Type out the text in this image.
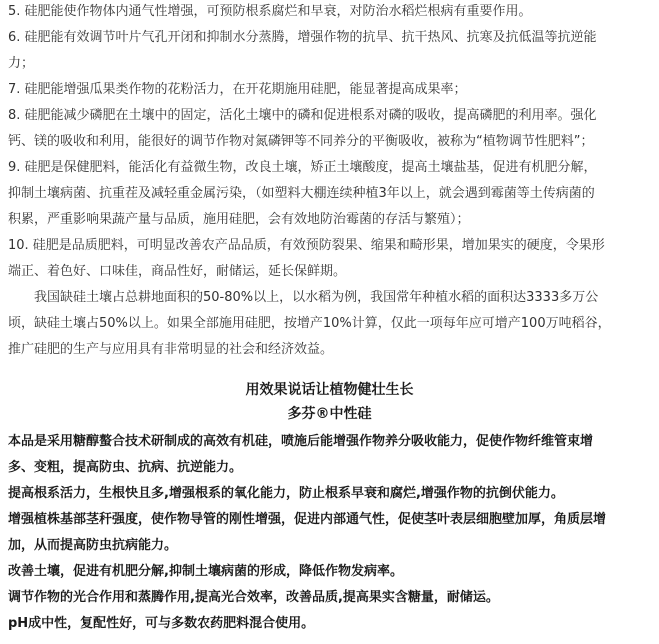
5. 硅肥能使作物体内通气性增强，可预防根系腐烂和早衰，对防治水稻烂根病有重要作用。
6. 硅肥能有效调节叶片气孔开闭和抑制水分蒸腾，增强作物的抗旱、抗干热风、抗寒及抗低温等抗逆能
力；
7. 硅肥能增强瓜果类作物的花粉活力，在开花期施用硅肥，能显著提高成果率；
8. 硅肥能减少磷肥在土壤中的固定，活化土壤中的磷和促进根系对磷的吸收，提高磷肥的利用率。强化
钙、镁的吸收和利用，能很好的调节作物对氮磷钾等不同养分的平衡吸收，被称为“植物调节性肥料”；
9. 硅肥是保健肥料，能活化有益微生物，改良土壤，矫正土壤酸度，提高土壤盐基，促进有机肥分解，
抑制土壤病菌、抗重茬及减轻重金属污染，（如塑料大棚连续种植3年以上，就会遇到霉菌等土传病菌的
积累，严重影响果蔬产量与品质，施用硅肥，会有效地防治霉菌的存活与繁殖）；
10. 硅肥是品质肥料，可明显改善农产品品质，有效预防裂果、缩果和畸形果，增加果实的硬度，令果形
端正、着色好、口味佳，商品性好，耐储运，延长保鲜期。
我国缺硅土壤占总耕地面积的50-80%以上，以水稻为例，我国常年种植水稻的面积达3333多万公
顷，缺硅土壤占50%以上。如果全部施用硅肥，按增产10%计算，仅此一项每年应可增产100万吨稻谷，
推广硅肥的生产与应用具有非常明显的社会和经济效益。
用效果说话让植物健壮生长
多芬®中性硅
本品是采用糖醇螯合技术研制成的高效有机硅，喷施后能增强作物养分吸收能力，促使作物纤维管束增
多、变粗，提高防虫、抗病、抗逆能力。
提高根系活力，生根快且多,增强根系的氧化能力，防止根系早衰和腐烂,增强作物的抗倒伏能力。
增强植株基部茎秆强度，使作物导管的刚性增强，促进内部通气性，促使茎叶表层细胞壁加厚，角质层增
加，从而提高防虫抗病能力。
改善土壤，促进有机肥分解,抑制土壤病菌的形成，降低作物发病率。
调节作物的光合作用和蒸腾作用,提高光合效率，改善品质,提高果实含糖量，耐储运。
pH成中性，复配性好，可与多数农药肥料混合使用。
